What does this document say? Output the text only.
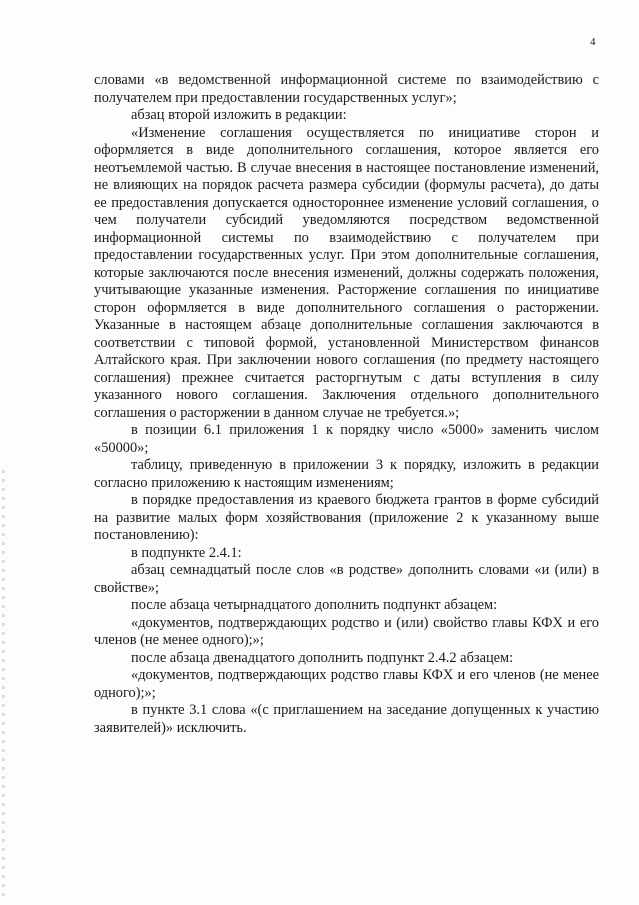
4
словами «в ведомственной информационной системе по взаимодействию с получателем при предоставлении государственных услуг»;
абзац второй изложить в редакции:
«Изменение соглашения осуществляется по инициативе сторон и оформляется в виде дополнительного соглашения, которое является его неотъемлемой частью. В случае внесения в настоящее постановление изменений, не влияющих на порядок расчета размера субсидии (формулы расчета), до даты ее предоставления допускается одностороннее изменение условий соглашения, о чем получатели субсидий уведомляются посредством ведомственной информационной системы по взаимодействию с получателем при предоставлении государственных услуг. При этом дополнительные соглашения, которые заключаются после внесения изменений, должны содержать положения, учитывающие указанные изменения. Расторжение соглашения по инициативе сторон оформляется в виде дополнительного соглашения о расторжении. Указанные в настоящем абзаце дополнительные соглашения заключаются в соответствии с типовой формой, установленной Министерством финансов Алтайского края. При заключении нового соглашения (по предмету настоящего соглашения) прежнее считается расторгнутым с даты вступления в силу указанного нового соглашения. Заключения отдельного дополнительного соглашения о расторжении в данном случае не требуется.»;
в позиции 6.1 приложения 1 к порядку число «5000» заменить числом «50000»;
таблицу, приведенную в приложении 3 к порядку, изложить в редакции согласно приложению к настоящим изменениям;
в порядке предоставления из краевого бюджета грантов в форме субсидий на развитие малых форм хозяйствования (приложение 2 к указанному выше постановлению):
в подпункте 2.4.1:
абзац семнадцатый после слов «в родстве» дополнить словами «и (или) в свойстве»;
после абзаца четырнадцатого дополнить подпункт абзацем:
«документов, подтверждающих родство и (или) свойство главы КФХ и его членов (не менее одного);»;
после абзаца двенадцатого дополнить подпункт 2.4.2 абзацем:
«документов, подтверждающих родство главы КФХ и его членов (не менее одного);»;
в пункте 3.1 слова «(с приглашением на заседание допущенных к участию заявителей)» исключить.
